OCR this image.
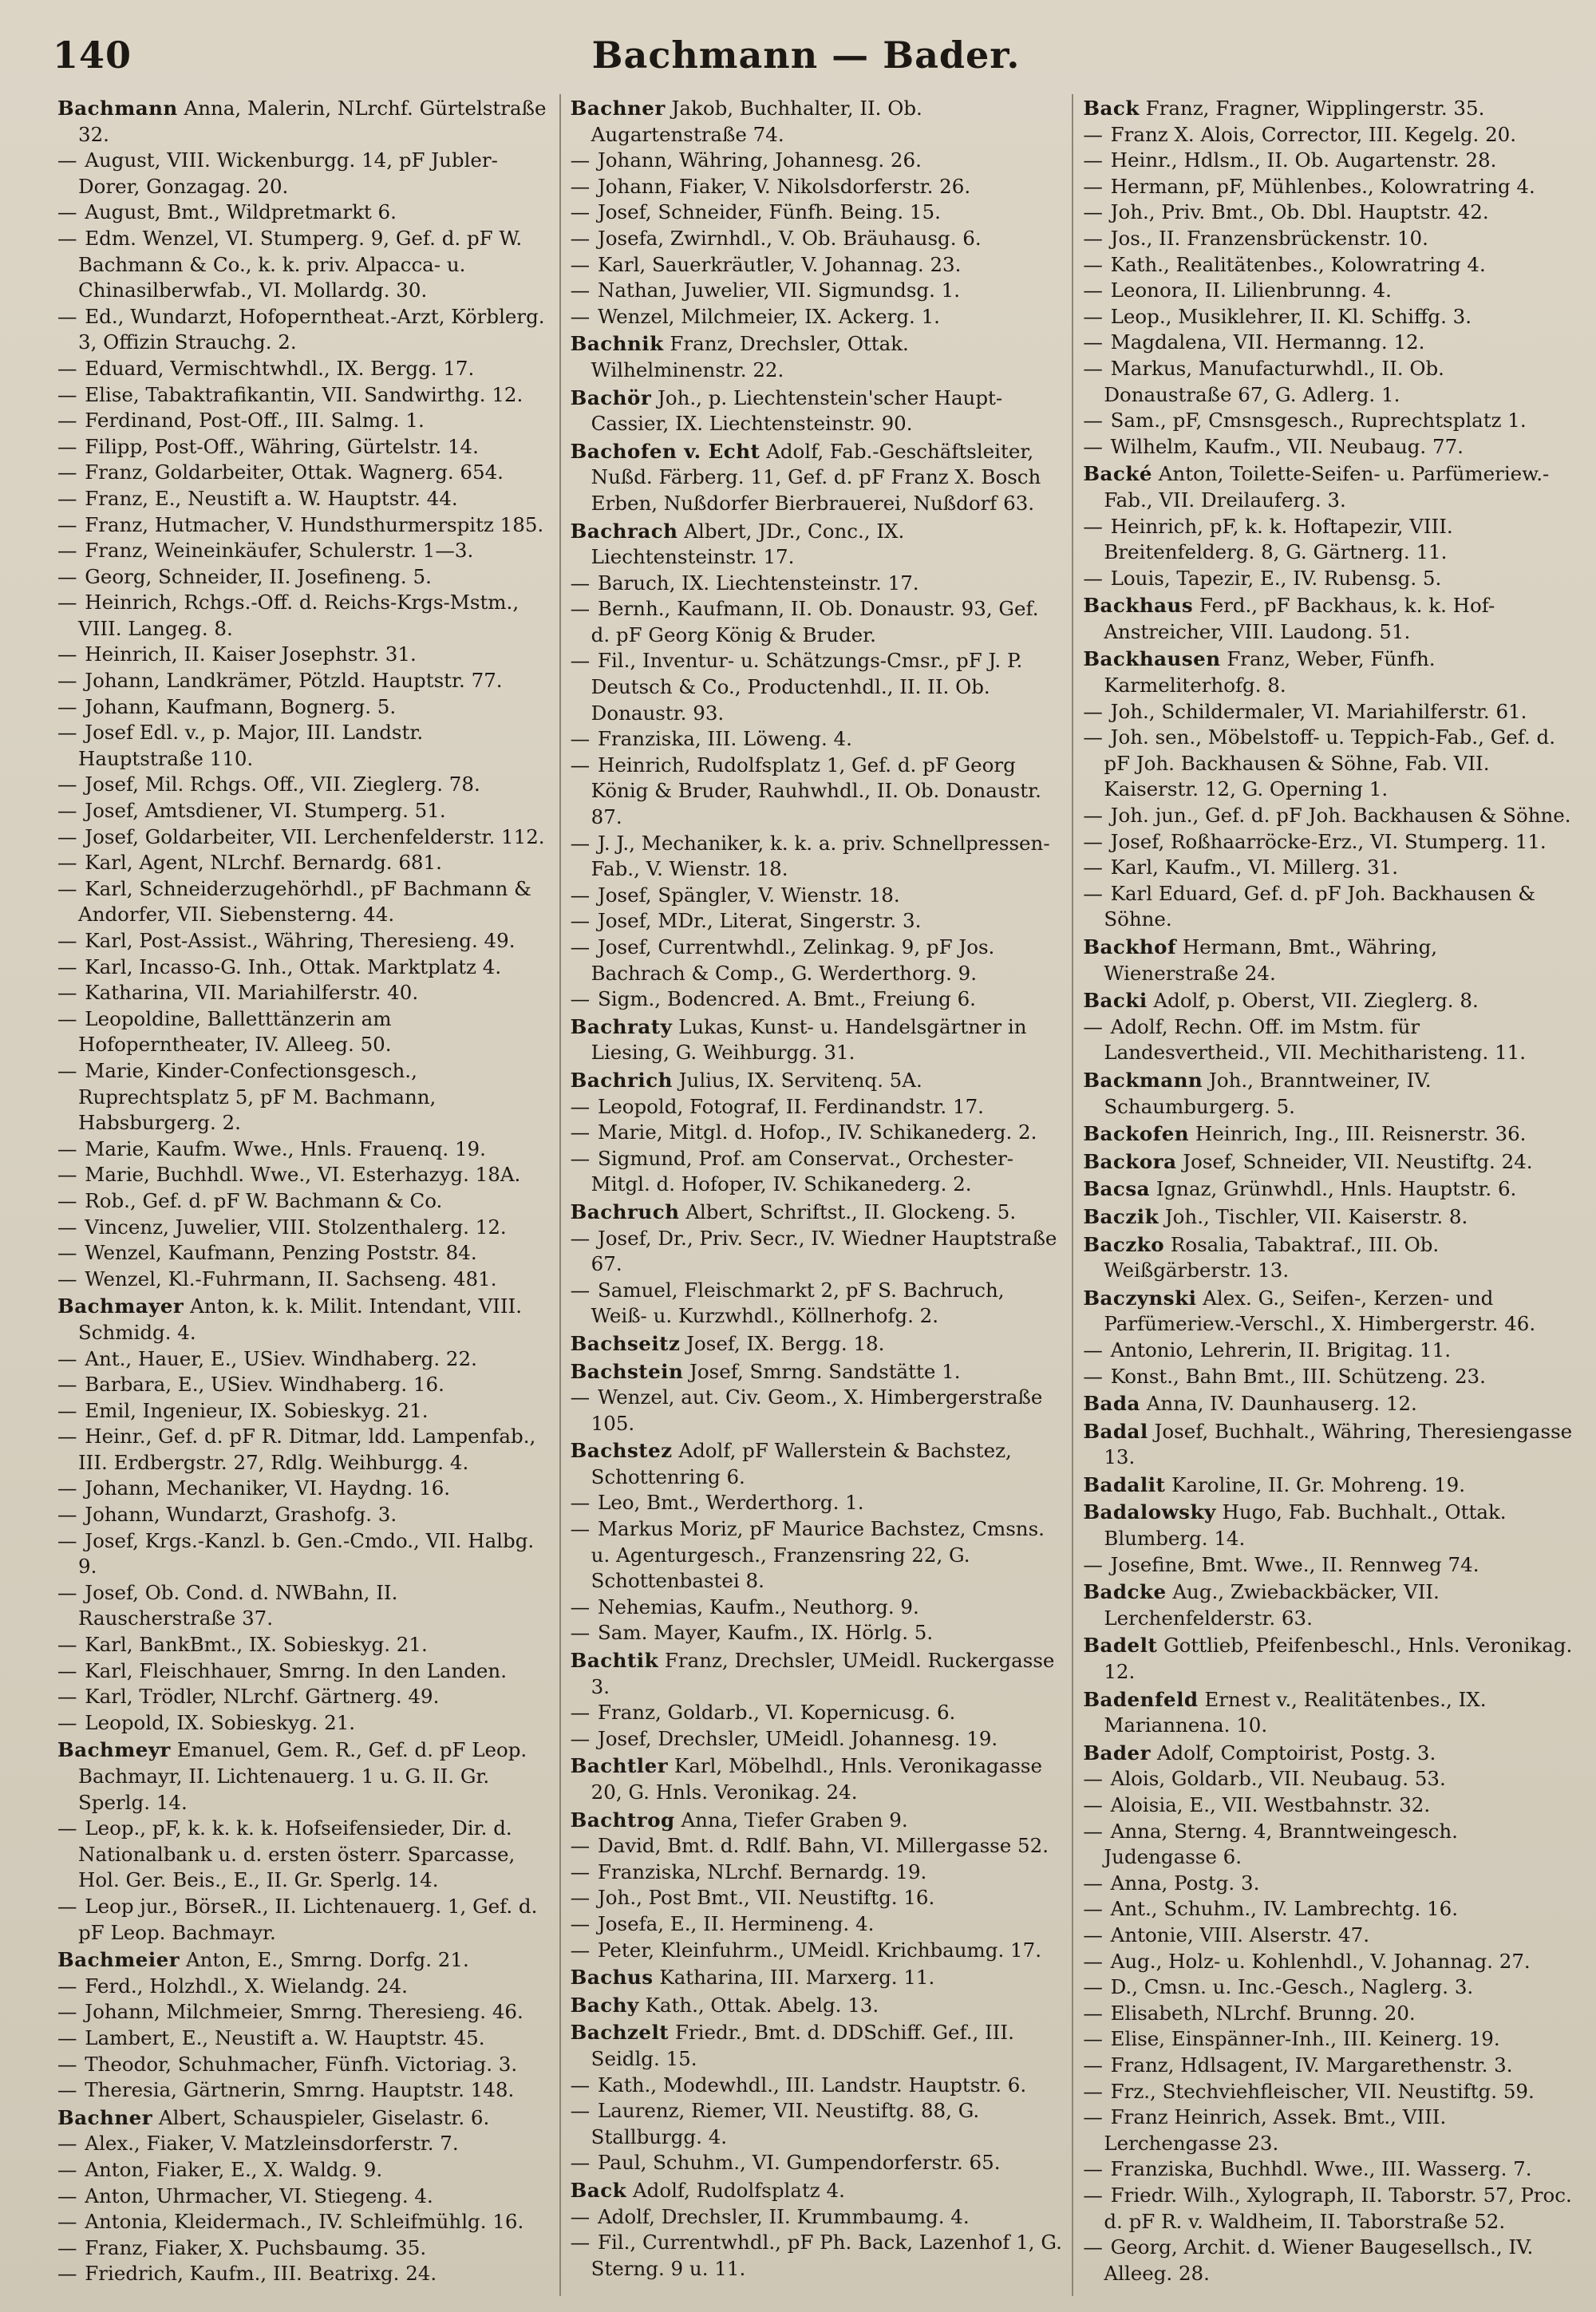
140	Bachmann — Bader.

Bachmann Anna, Malerin, NLrchf. Gürtelstraße 32.

— August, VIII. Wickenburgg. 14, pF Jubler-Dorer, Gonzagag. 20.

— August, Bmt., Wildpretmarkt 6.

— Edm. Wenzel, VI. Stumperg. 9, Gef. d. pF W. Bachmann & Co., k. k. priv. Alpacca- u. Chinasilberwfab., VI. Mollardg. 30.

— Ed., Wundarzt, Hofoperntheat.-Arzt, Körblerg. 3, Offizin Strauchg. 2.

— Eduard, Vermischtwhdl., IX. Bergg. 17.

— Elise, Tabaktrafikantin, VII. Sandwirthg. 12.

— Ferdinand, Post-Off., III. Salmg. 1.

— Filipp, Post-Off., Währing, Gürtelstr. 14.

— Franz, Goldarbeiter, Ottak. Wagnerg. 654.

— Franz, E., Neustift a. W. Hauptstr. 44.

— Franz, Hutmacher, V. Hundsthurmerspitz 185.

— Franz, Weineinkäufer, Schulerstr. 1—3.

— Georg, Schneider, II. Josefineng. 5.

— Heinrich, Rchgs.-Off. d. Reichs-Krgs-Mstm., VIII. Langeg. 8.

— Heinrich, II. Kaiser Josephstr. 31.

— Johann, Landkrämer, Pötzld. Hauptstr. 77.

— Johann, Kaufmann, Bognerg. 5.

— Josef Edl. v., p. Major, III. Landstr. Hauptstraße 110.

— Josef, Mil. Rchgs. Off., VII. Zieglerg. 78.

— Josef, Amtsdiener, VI. Stumperg. 51.

— Josef, Goldarbeiter, VII. Lerchenfelderstr. 112.

— Karl, Agent, NLrchf. Bernardg. 681.

— Karl, Schneiderzugehörhdl., pF Bachmann & Andorfer, VII. Siebensterng. 44.

— Karl, Post-Assist., Währing, Theresieng. 49.

— Karl, Incasso-G. Inh., Ottak. Marktplatz 4.

— Katharina, VII. Mariahilferstr. 40.

— Leopoldine, Balletttänzerin am Hofoperntheater, IV. Alleeg. 50.

— Marie, Kinder-Confectionsgesch., Ruprechtsplatz 5, pF M. Bachmann, Habsburgerg. 2.

— Marie, Kaufm. Wwe., Hnls. Frauenq. 19.

— Marie, Buchhdl. Wwe., VI. Esterhazyg. 18A.

— Rob., Gef. d. pF W. Bachmann & Co.

— Vincenz, Juwelier, VIII. Stolzenthalerg. 12.

— Wenzel, Kaufmann, Penzing Poststr. 84.

— Wenzel, Kl.-Fuhrmann, II. Sachseng. 481.

Bachmayer Anton, k. k. Milit. Intendant, VIII. Schmidg. 4.

— Ant., Hauer, E., USiev. Windhaberg. 22.

— Barbara, E., USiev. Windhaberg. 16.

— Emil, Ingenieur, IX. Sobieskyg. 21.

— Heinr., Gef. d. pF R. Ditmar, ldd. Lampenfab., III. Erdbergstr. 27, Rdlg. Weihburgg. 4.

— Johann, Mechaniker, VI. Haydng. 16.

— Johann, Wundarzt, Grashofg. 3.

— Josef, Krgs.-Kanzl. b. Gen.-Cmdo., VII. Halbg. 9.

— Josef, Ob. Cond. d. NWBahn, II. Rauscherstraße 37.

— Karl, BankBmt., IX. Sobieskyg. 21.

— Karl, Fleischhauer, Smrng. In den Landen.

— Karl, Trödler, NLrchf. Gärtnerg. 49.

— Leopold, IX. Sobieskyg. 21.

Bachmeyr Emanuel, Gem. R., Gef. d. pF Leop. Bachmayr, II. Lichtenauerg. 1 u. G. II. Gr. Sperlg. 14.

— Leop., pF, k. k. k. k. Hofseifensieder, Dir. d. Nationalbank u. d. ersten österr. Sparcasse, Hol. Ger. Beis., E., II. Gr. Sperlg. 14.

— Leop jur., BörseR., II. Lichtenauerg. 1, Gef. d. pF Leop. Bachmayr.

Bachmeier Anton, E., Smrng. Dorfg. 21.

— Ferd., Holzhdl., X. Wielandg. 24.

— Johann, Milchmeier, Smrng. Theresieng. 46.

— Lambert, E., Neustift a. W. Hauptstr. 45.

— Theodor, Schuhmacher, Fünfh. Victoriag. 3.

— Theresia, Gärtnerin, Smrng. Hauptstr. 148.

Bachner Albert, Schauspieler, Giselastr. 6.

— Alex., Fiaker, V. Matzleinsdorferstr. 7.

— Anton, Fiaker, E., X. Waldg. 9.

— Anton, Uhrmacher, VI. Stiegeng. 4.

— Antonia, Kleidermach., IV. Schleifmühlg. 16.

— Franz, Fiaker, X. Puchsbaumg. 35.

— Friedrich, Kaufm., III. Beatrixg. 24.

Bachner Jakob, Buchhalter, II. Ob. Augartenstraße 74.

— Johann, Währing, Johannesg. 26.

— Johann, Fiaker, V. Nikolsdorferstr. 26.

— Josef, Schneider, Fünfh. Being. 15.

— Josefa, Zwirnhdl., V. Ob. Bräuhausg. 6.

— Karl, Sauerkräutler, V. Johannag. 23.

— Nathan, Juwelier, VII. Sigmundsg. 1.

— Wenzel, Milchmeier, IX. Ackerg. 1.

Bachnik Franz, Drechsler, Ottak. Wilhelminenstr. 22.

Bachör Joh., p. Liechtenstein'scher Haupt-Cassier, IX. Liechtensteinstr. 90.

Bachofen v. Echt Adolf, Fab.-Geschäftsleiter, Nußd. Färberg. 11, Gef. d. pF Franz X. Bosch Erben, Nußdorfer Bierbrauerei, Nußdorf 63.

Bachrach Albert, JDr., Conc., IX. Liechtensteinstr. 17.

— Baruch, IX. Liechtensteinstr. 17.

— Bernh., Kaufmann, II. Ob. Donaustr. 93, Gef. d. pF Georg König & Bruder.

— Fil., Inventur- u. Schätzungs-Cmsr., pF J. P. Deutsch & Co., Productenhdl., II. II. Ob. Donaustr. 93.

— Franziska, III. Löweng. 4.

— Heinrich, Rudolfsplatz 1, Gef. d. pF Georg König & Bruder, Rauhwhdl., II. Ob. Donaustr. 87.

— J. J., Mechaniker, k. k. a. priv. Schnellpressen-Fab., V. Wienstr. 18.

— Josef, Spängler, V. Wienstr. 18.

— Josef, MDr., Literat, Singerstr. 3.

— Josef, Currentwhdl., Zelinkag. 9, pF Jos. Bachrach & Comp., G. Werderthorg. 9.

— Sigm., Bodencred. A. Bmt., Freiung 6.

Bachraty Lukas, Kunst- u. Handelsgärtner in Liesing, G. Weihburgg. 31.

Bachrich Julius, IX. Servitenq. 5A.

— Leopold, Fotograf, II. Ferdinandstr. 17.

— Marie, Mitgl. d. Hofop., IV. Schikanederg. 2.

— Sigmund, Prof. am Conservat., Orchester-Mitgl. d. Hofoper, IV. Schikanederg. 2.

Bachruch Albert, Schriftst., II. Glockeng. 5.

— Josef, Dr., Priv. Secr., IV. Wiedner Hauptstraße 67.

— Samuel, Fleischmarkt 2, pF S. Bachruch, Weiß- u. Kurzwhdl., Köllnerhofg. 2.

Bachseitz Josef, IX. Bergg. 18.

Bachstein Josef, Smrng. Sandstätte 1.

— Wenzel, aut. Civ. Geom., X. Himbergerstraße 105.

Bachstez Adolf, pF Wallerstein & Bachstez, Schottenring 6.

— Leo, Bmt., Werderthorg. 1.

— Markus Moriz, pF Maurice Bachstez, Cmsns. u. Agenturgesch., Franzensring 22, G. Schottenbastei 8.

— Nehemias, Kaufm., Neuthorg. 9.

— Sam. Mayer, Kaufm., IX. Hörlg. 5.

Bachtik Franz, Drechsler, UMeidl. Ruckergasse 3.

— Franz, Goldarb., VI. Kopernicusg. 6.

— Josef, Drechsler, UMeidl. Johannesg. 19.

Bachtler Karl, Möbelhdl., Hnls. Veronikagasse 20, G. Hnls. Veronikag. 24.

Bachtrog Anna, Tiefer Graben 9.

— David, Bmt. d. Rdlf. Bahn, VI. Millergasse 52.

— Franziska, NLrchf. Bernardg. 19.

— Joh., Post Bmt., VII. Neustiftg. 16.

— Josefa, E., II. Hermineng. 4.

— Peter, Kleinfuhrm., UMeidl. Krichbaumg. 17.

Bachus Katharina, III. Marxerg. 11.

Bachy Kath., Ottak. Abelg. 13.

Bachzelt Friedr., Bmt. d. DDSchiff. Gef., III. Seidlg. 15.

— Kath., Modewhdl., III. Landstr. Hauptstr. 6.

— Laurenz, Riemer, VII. Neustiftg. 88, G. Stallburgg. 4.

— Paul, Schuhm., VI. Gumpendorferstr. 65.

Back Adolf, Rudolfsplatz 4.

— Adolf, Drechsler, II. Krummbaumg. 4.

— Fil., Currentwhdl., pF Ph. Back, Lazenhof 1, G. Sterng. 9 u. 11.

Back Franz, Fragner, Wipplingerstr. 35.

— Franz X. Alois, Corrector, III. Kegelg. 20.

— Heinr., Hdlsm., II. Ob. Augartenstr. 28.

— Hermann, pF, Mühlenbes., Kolowratring 4.

— Joh., Priv. Bmt., Ob. Dbl. Hauptstr. 42.

— Jos., II. Franzensbrückenstr. 10.

— Kath., Realitätenbes., Kolowratring 4.

— Leonora, II. Lilienbrunng. 4.

— Leop., Musiklehrer, II. Kl. Schiffg. 3.

— Magdalena, VII. Hermanng. 12.

— Markus, Manufacturwhdl., II. Ob. Donaustraße 67, G. Adlerg. 1.

— Sam., pF, Cmsnsgesch., Ruprechtsplatz 1.

— Wilhelm, Kaufm., VII. Neubaug. 77.

Backé Anton, Toilette-Seifen- u. Parfümeriew.-Fab., VII. Dreilauferg. 3.

— Heinrich, pF, k. k. Hoftapezir, VIII. Breitenfelderg. 8, G. Gärtnerg. 11.

— Louis, Tapezir, E., IV. Rubensg. 5.

Backhaus Ferd., pF Backhaus, k. k. Hof-Anstreicher, VIII. Laudong. 51.

Backhausen Franz, Weber, Fünfh. Karmeliterhofg. 8.

— Joh., Schildermaler, VI. Mariahilferstr. 61.

— Joh. sen., Möbelstoff- u. Teppich-Fab., Gef. d. pF Joh. Backhausen & Söhne, Fab. VII. Kaiserstr. 12, G. Operning 1.

— Joh. jun., Gef. d. pF Joh. Backhausen & Söhne.

— Josef, Roßhaarröcke-Erz., VI. Stumperg. 11.

— Karl, Kaufm., VI. Millerg. 31.

— Karl Eduard, Gef. d. pF Joh. Backhausen & Söhne.

Backhof Hermann, Bmt., Währing, Wienerstraße 24.

Backi Adolf, p. Oberst, VII. Zieglerg. 8.

— Adolf, Rechn. Off. im Mstm. für Landesvertheid., VII. Mechitharisteng. 11.

Backmann Joh., Branntweiner, IV. Schaumburgerg. 5.

Backofen Heinrich, Ing., III. Reisnerstr. 36.

Backora Josef, Schneider, VII. Neustiftg. 24.

Bacsa Ignaz, Grünwhdl., Hnls. Hauptstr. 6.

Baczik Joh., Tischler, VII. Kaiserstr. 8.

Baczko Rosalia, Tabaktraf., III. Ob. Weißgärberstr. 13.

Baczynski Alex. G., Seifen-, Kerzen- und Parfümeriew.-Verschl., X. Himbergerstr. 46.

— Antonio, Lehrerin, II. Brigitag. 11.

— Konst., Bahn Bmt., III. Schützeng. 23.

Bada Anna, IV. Daunhauserg. 12.

Badal Josef, Buchhalt., Währing, Theresiengasse 13.

Badalit Karoline, II. Gr. Mohreng. 19.

Badalowsky Hugo, Fab. Buchhalt., Ottak. Blumberg. 14.

— Josefine, Bmt. Wwe., II. Rennweg 74.

Badcke Aug., Zwiebackbäcker, VII. Lerchenfelderstr. 63.

Badelt Gottlieb, Pfeifenbeschl., Hnls. Veronikag. 12.

Badenfeld Ernest v., Realitätenbes., IX. Mariannena. 10.

Bader Adolf, Comptoirist, Postg. 3.

— Alois, Goldarb., VII. Neubaug. 53.

— Aloisia, E., VII. Westbahnstr. 32.

— Anna, Sterng. 4, Branntweingesch. Judengasse 6.

— Anna, Postg. 3.

— Ant., Schuhm., IV. Lambrechtg. 16.

— Antonie, VIII. Alserstr. 47.

— Aug., Holz- u. Kohlenhdl., V. Johannag. 27.

— D., Cmsn. u. Inc.-Gesch., Naglerg. 3.

— Elisabeth, NLrchf. Brunng. 20.

— Elise, Einspänner-Inh., III. Keinerg. 19.

— Franz, Hdlsagent, IV. Margarethenstr. 3.

— Frz., Stechviehfleischer, VII. Neustiftg. 59.

— Franz Heinrich, Assek. Bmt., VIII. Lerchengasse 23.

— Franziska, Buchhdl. Wwe., III. Wasserg. 7.

— Friedr. Wilh., Xylograph, II. Taborstr. 57, Proc. d. pF R. v. Waldheim, II. Taborstraße 52.

— Georg, Archit. d. Wiener Baugesellsch., IV. Alleeg. 28.
